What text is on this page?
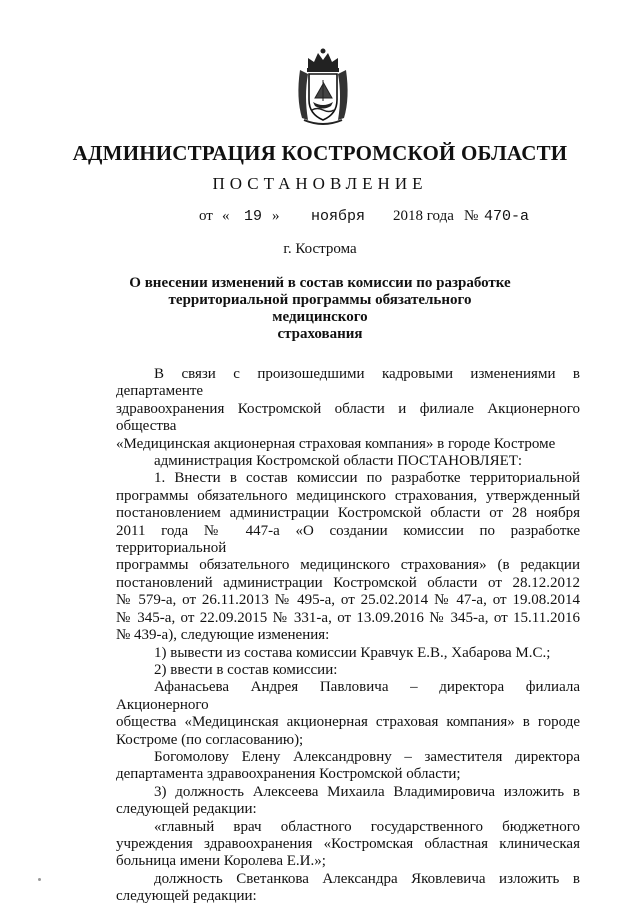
АДМИНИСТРАЦИЯ КОСТРОМСКОЙ ОБЛАСТИ
ПОСТАНОВЛЕНИЕ
от « 19 » ноября 2018 года № 470-а
г. Кострома
О внесении изменений в состав комиссии по разработке
территориальной программы обязательного медицинского
страхования

В связи с произошедшими кадровыми изменениями в департаменте

здравоохранения Костромской области и филиале Акционерного общества

«Медицинская акционерная страховая компания» в городе Костроме

администрация Костромской области ПОСТАНОВЛЯЕТ:

1. Внести в состав комиссии по разработке территориальной

программы обязательного медицинского страхования, утвержденный

постановлением администрации Костромской области от 28 ноября

2011 года № 447-а «О создании комиссии по разработке территориальной

программы обязательного медицинского страхования» (в редакции

постановлений администрации Костромской области от 28.12.2012

№ 579-а, от 26.11.2013 № 495-а, от 25.02.2014 № 47-а, от 19.08.2014

№ 345-а, от 22.09.2015 № 331-а, от 13.09.2016 № 345-а, от 15.11.2016

№ 439-а), следующие изменения:

1) вывести из состава комиссии Кравчук Е.В., Хабарова М.С.;

2) ввести в состав комиссии:

Афанасьева Андрея Павловича – директора филиала Акционерного

общества «Медицинская акционерная страховая компания» в городе

Костроме (по согласованию);

Богомолову Елену Александровну – заместителя директора

департамента здравоохранения Костромской области;

3) должность Алексеева Михаила Владимировича изложить в

следующей редакции:

«главный врач областного государственного бюджетного

учреждения здравоохранения «Костромская областная клиническая

больница имени Королева Е.И.»;

должность Светанкова Александра Яковлевича изложить в

следующей редакции:
